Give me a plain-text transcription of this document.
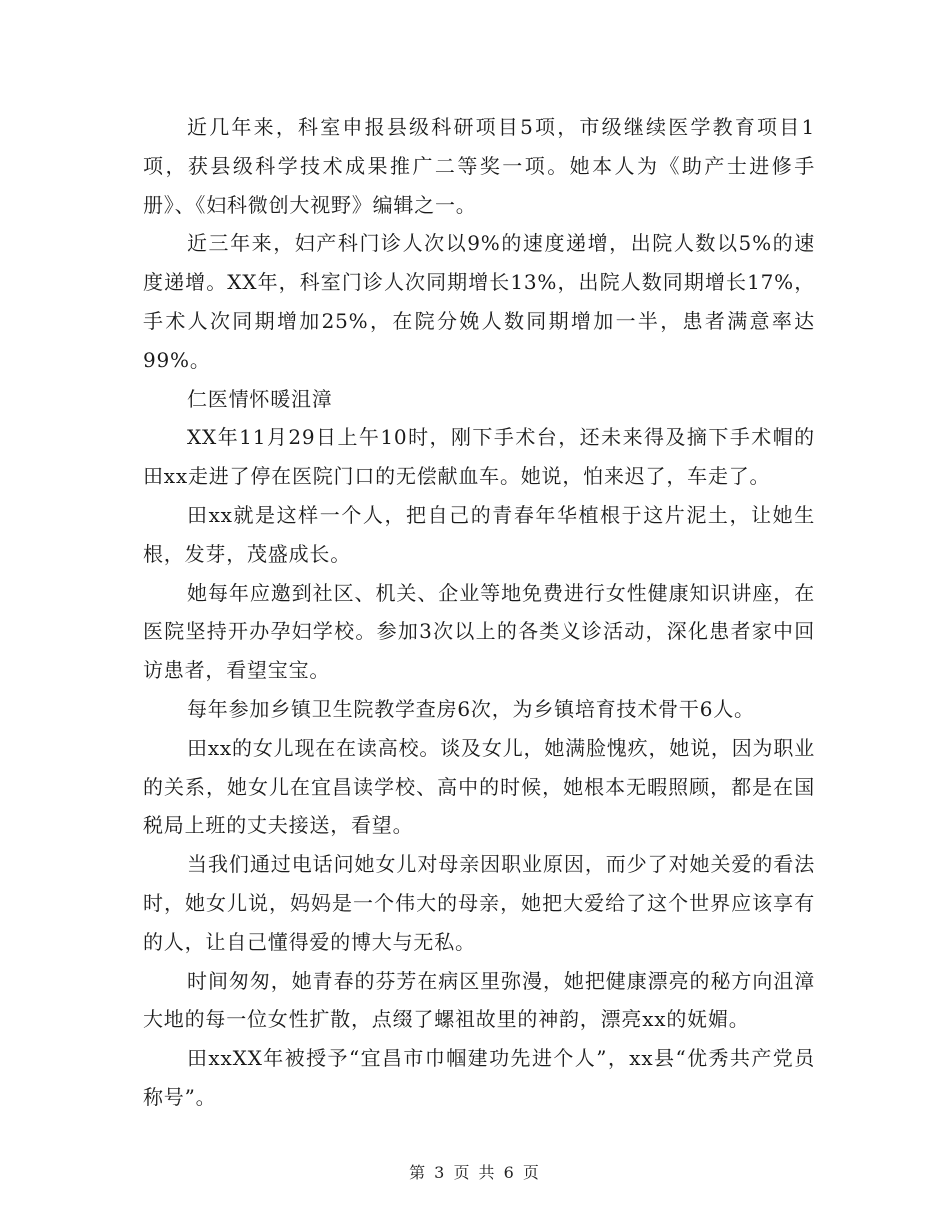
近几年来，科室申报县级科研项目5项，市级继续医学教育项目1项，获县级科学技术成果推广二等奖一项。她本人为《助产士进修手册》、《妇科微创大视野》编辑之一。

近三年来，妇产科门诊人次以9%的速度递增，出院人数以5%的速度递增。XX年，科室门诊人次同期增长13%，出院人数同期增长17%，手术人次同期增加25%，在院分娩人数同期增加一半，患者满意率达99%。

仁医情怀暖沮漳

XX年11月29日上午10时，刚下手术台，还未来得及摘下手术帽的田xx走进了停在医院门口的无偿献血车。她说，怕来迟了，车走了。

田xx就是这样一个人，把自己的青春年华植根于这片泥土，让她生根，发芽，茂盛成长。

她每年应邀到社区、机关、企业等地免费进行女性健康知识讲座，在医院坚持开办孕妇学校。参加3次以上的各类义诊活动，深化患者家中回访患者，看望宝宝。

每年参加乡镇卫生院教学查房6次，为乡镇培育技术骨干6人。

田xx的女儿现在在读高校。谈及女儿，她满脸愧疚，她说，因为职业的关系，她女儿在宜昌读学校、高中的时候，她根本无暇照顾，都是在国税局上班的丈夫接送，看望。

当我们通过电话问她女儿对母亲因职业原因，而少了对她关爱的看法时，她女儿说，妈妈是一个伟大的母亲，她把大爱给了这个世界应该享有的人，让自己懂得爱的博大与无私。

时间匆匆，她青春的芬芳在病区里弥漫，她把健康漂亮的秘方向沮漳大地的每一位女性扩散，点缀了螺祖故里的神韵，漂亮xx的妩媚。

田xxXX年被授予“宜昌市巾帼建功先进个人”，xx县“优秀共产党员称号”。

第 3 页 共 6 页
